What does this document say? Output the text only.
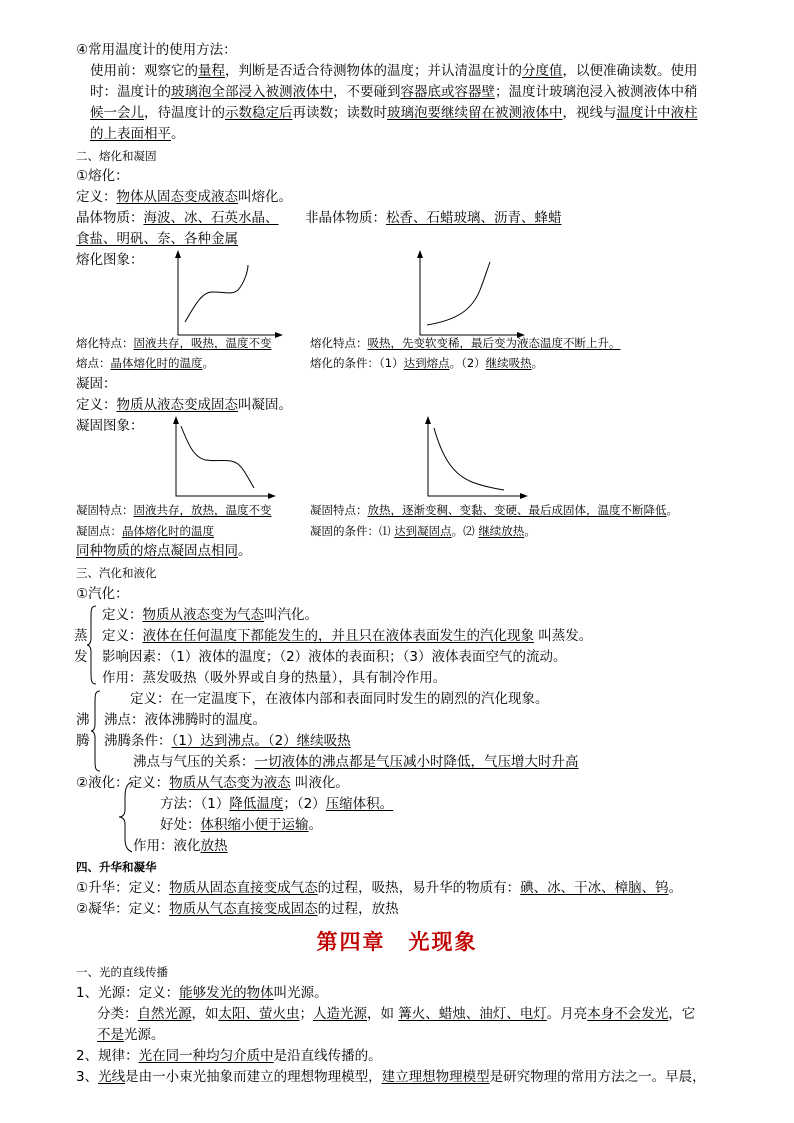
④常用温度计的使用方法：
使用前：观察它的量程，判断是否适合待测物体的温度；并认清温度计的分度值，以便准确读数。使用
时：温度计的玻璃泡全部浸入被测液体中，不要碰到容器底或容器壁；温度计玻璃泡浸入被测液体中稍
候一会儿，待温度计的示数稳定后再读数；读数时玻璃泡要继续留在被测液体中，视线与温度计中液柱
的上表面相平。
二、熔化和凝固
①熔化：
定义：物体从固态变成液态叫熔化。
晶体物质：海波、冰、石英水晶、 非晶体物质：松香、石蜡玻璃、沥青、蜂蜡
食盐、明矾、奈、各种金属
熔化图象：
熔化特点：固液共存，吸热，温度不变	熔化特点：吸热，先变软变稀，最后变为液态温度不断上升。
熔点：晶体熔化时的温度。	熔化的条件：（1）达到熔点。（2）继续吸热。
凝固：
定义：物质从液态变成固态叫凝固。
凝固图象：
凝固特点：固液共存，放热，温度不变	凝固特点：放热，逐渐变稠、变黏、变硬、最后成固体，温度不断降低。
凝固点：晶体熔化时的温度	凝固的条件：⑴ 达到凝固点。⑵ 继续放热。
同种物质的熔点凝固点相同。
三、汽化和液化
①汽化：
蒸
发
定义：物质从液态变为气态叫汽化。
定义：液体在任何温度下都能发生的，并且只在液体表面发生的汽化现象 叫蒸发。
影响因素：（1）液体的温度；（2）液体的表面积；（3）液体表面空气的流动。
作用：蒸发吸热（吸外界或自身的热量），具有制冷作用。
沸
腾
定义：在一定温度下，在液体内部和表面同时发生的剧烈的汽化现象。
沸点：液体沸腾时的温度。
沸腾条件：（1）达到沸点。（2）继续吸热
沸点与气压的关系：一切液体的沸点都是气压减小时降低，气压增大时升高
②液化：定义：物质从气态变为液态 叫液化。
方法：（1）降低温度；（2）压缩体积。
好处：体积缩小便于运输。
作用：液化放热
四、升华和凝华
①升华：定义：物质从固态直接变成气态的过程，吸热，易升华的物质有：碘、冰、干冰、樟脑、钨。
②凝华：定义：物质从气态直接变成固态的过程，放热
第四章　光现象
一、光的直线传播
1、光源：定义：能够发光的物体叫光源。
分类：自然光源，如太阳、萤火虫；人造光源，如 篝火、蜡烛、油灯、电灯。月亮本身不会发光，它
不是光源。
2、规律：光在同一种均匀介质中是沿直线传播的。
3、光线是由一小束光抽象而建立的理想物理模型，建立理想物理模型是研究物理的常用方法之一。早晨，
